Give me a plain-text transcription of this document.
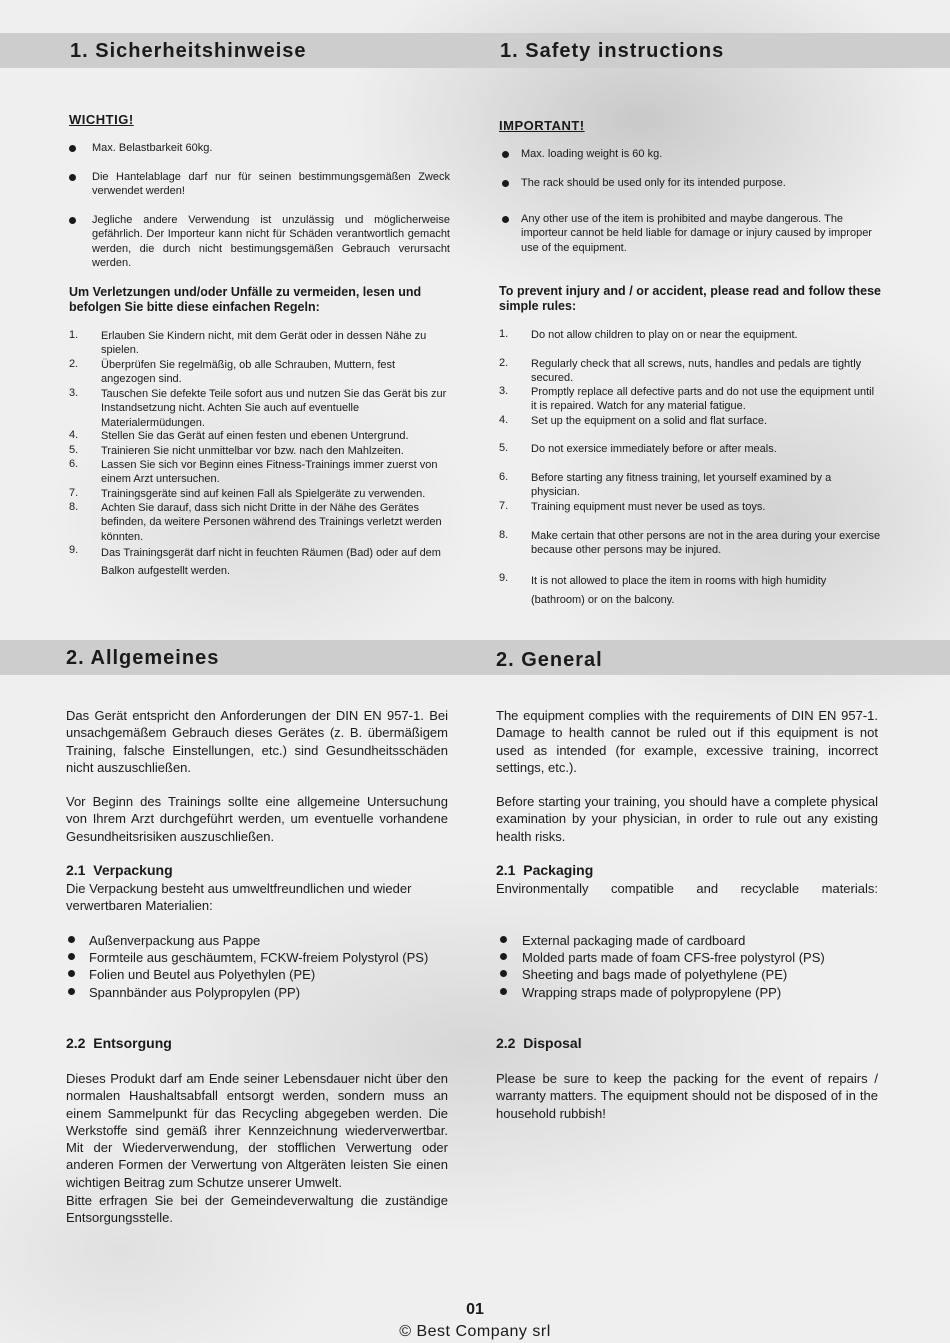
1. Sicherheitshinweise	1. Safety instructions
2. Allgemeines	2. General
WICHTIG!
Max. Belastbarkeit 60kg.
Die Hantelablage darf nur für seinen bestimmungsgemäßen Zweck verwendet werden!
Jegliche andere Verwendung ist unzulässig und möglicherweise gefährlich. Der Importeur kann nicht für Schäden verantwortlich gemacht werden, die durch nicht bestimungsgemäßen Gebrauch verursacht werden.
Um Verletzungen und/oder Unfälle zu vermeiden, lesen und befolgen Sie bitte diese einfachen Regeln:
1. Erlauben Sie Kindern nicht, mit dem Gerät oder in dessen Nähe zu spielen.
2. Überprüfen Sie regelmäßig, ob alle Schrauben, Muttern, fest angezogen sind.
3. Tauschen Sie defekte Teile sofort aus und nutzen Sie das Gerät bis zur Instandsetzung nicht. Achten Sie auch auf eventuelle Materialermüdungen.
4. Stellen Sie das Gerät auf einen festen und ebenen Untergrund.
5. Trainieren Sie nicht unmittelbar vor bzw. nach den Mahlzeiten.
6. Lassen Sie sich vor Beginn eines Fitness-Trainings immer zuerst von einem Arzt untersuchen.
7. Trainingsgeräte sind auf keinen Fall als Spielgeräte zu verwenden.
8. Achten Sie darauf, dass sich nicht Dritte in der Nähe des Gerätes befinden, da weitere Personen während des Trainings verletzt werden könnten.
9. Das Trainingsgerät darf nicht in feuchten Räumen (Bad) oder auf dem Balkon aufgestellt werden.
IMPORTANT!
Max. loading weight is 60 kg.
The rack should be used only for its intended purpose.
Any other use of the item is prohibited and maybe dangerous. The importeur cannot be held liable for damage or injury caused by improper use of the equipment.
To prevent injury and / or accident, please read and follow these simple rules:
1. Do not allow children to play on or near the equipment.
2. Regularly check that all screws, nuts, handles and pedals are tightly secured.
3. Promptly replace all defective parts and do not use the equipment until it is repaired. Watch for any material fatigue.
4. Set up the equipment on a solid and flat surface.
5. Do not exersice immediately before or after meals.
6. Before starting any fitness training, let yourself examined by a physician.
7. Training equipment must never be used as toys.
8. Make certain that other persons are not in the area during your exercise because other persons may be injured.
9. It is not allowed to place the item in rooms with high humidity (bathroom) or on the balcony.
Das Gerät entspricht den Anforderungen der DIN EN 957-1. Bei unsachgemäßem Gebrauch dieses Gerätes (z. B. übermäßigem Training, falsche Einstellungen, etc.) sind Gesundheitsschäden nicht auszuschließen.
Vor Beginn des Trainings sollte eine allgemeine Untersuchung von Ihrem Arzt durchgeführt werden, um eventuelle vorhandene Gesundheitsrisiken auszuschließen.
2.1 Verpackung
Die Verpackung besteht aus umweltfreundlichen und wieder verwertbaren Materialien:
Außenverpackung aus Pappe
Formteile aus geschäumtem, FCKW-freiem Polystyrol (PS)
Folien und Beutel aus Polyethylen (PE)
Spannbänder aus Polypropylen (PP)
2.2 Entsorgung
Dieses Produkt darf am Ende seiner Lebensdauer nicht über den normalen Haushaltsabfall entsorgt werden, sondern muss an einem Sammelpunkt für das Recycling abgegeben werden. Die Werkstoffe sind gemäß ihrer Kennzeichnung wiederverwertbar. Mit der Wiederverwendung, der stofflichen Verwertung oder anderen Formen der Verwertung von Altgeräten leisten Sie einen wichtigen Beitrag zum Schutze unserer Umwelt.
Bitte erfragen Sie bei der Gemeindeverwaltung die zuständige Entsorgungsstelle.
The equipment complies with the requirements of DIN EN 957-1. Damage to health cannot be ruled out if this equipment is not used as intended (for example, excessive training, incorrect settings, etc.).
Before starting your training, you should have a complete physical examination by your physician, in order to rule out any existing health risks.
2.1 Packaging
Environmentally compatible and recyclable materials:
External packaging made of cardboard
Molded parts made of foam CFS-free polystyrol (PS)
Sheeting and bags made of polyethylene (PE)
Wrapping straps made of polypropylene (PP)
2.2 Disposal
Please be sure to keep the packing for the event of repairs / warranty matters. The equipment should not be disposed of in the household rubbish!
01
© Best Company srl
